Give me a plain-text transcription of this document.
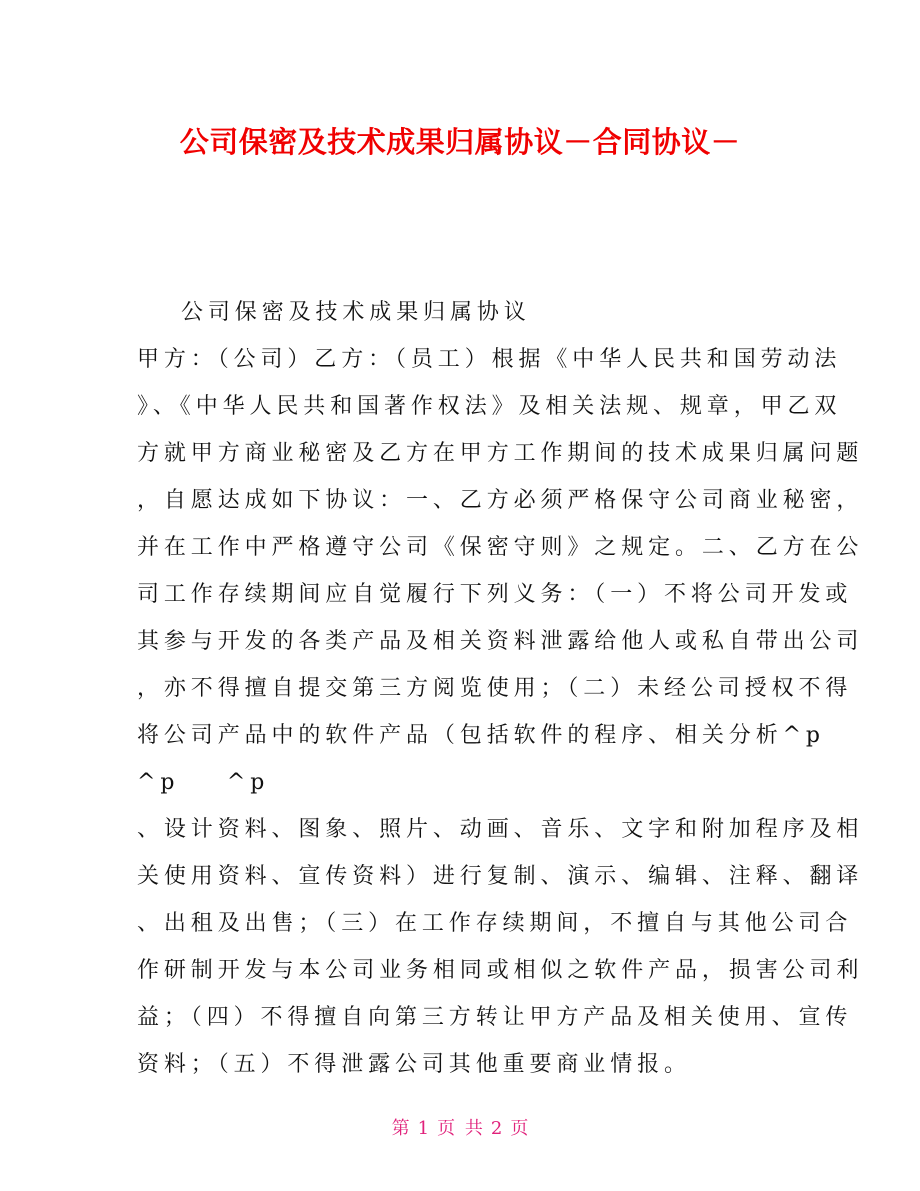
公司保密及技术成果归属协议－合同协议－
公司保密及技术成果归属协议
甲方：（公司）乙方：（员工）根据《中华人民共和国劳动法
》、《中华人民共和国著作权法》及相关法规、规章，甲乙双
方就甲方商业秘密及乙方在甲方工作期间的技术成果归属问题
，自愿达成如下协议：一、乙方必须严格保守公司商业秘密，
并在工作中严格遵守公司《保密守则》之规定。二、乙方在公
司工作存续期间应自觉履行下列义务：（一）不将公司开发或
其参与开发的各类产品及相关资料泄露给他人或私自带出公司
，亦不得擅自提交第三方阅览使用；（二）未经公司授权不得
将公司产品中的软件产品（包括软件的程序、相关分析^p
^p    ^p
、设计资料、图象、照片、动画、音乐、文字和附加程序及相
关使用资料、宣传资料）进行复制、演示、编辑、注释、翻译
、出租及出售；（三）在工作存续期间，不擅自与其他公司合
作研制开发与本公司业务相同或相似之软件产品，损害公司利
益；（四）不得擅自向第三方转让甲方产品及相关使用、宣传
资料；（五）不得泄露公司其他重要商业情报。
第 1 页 共 2 页
